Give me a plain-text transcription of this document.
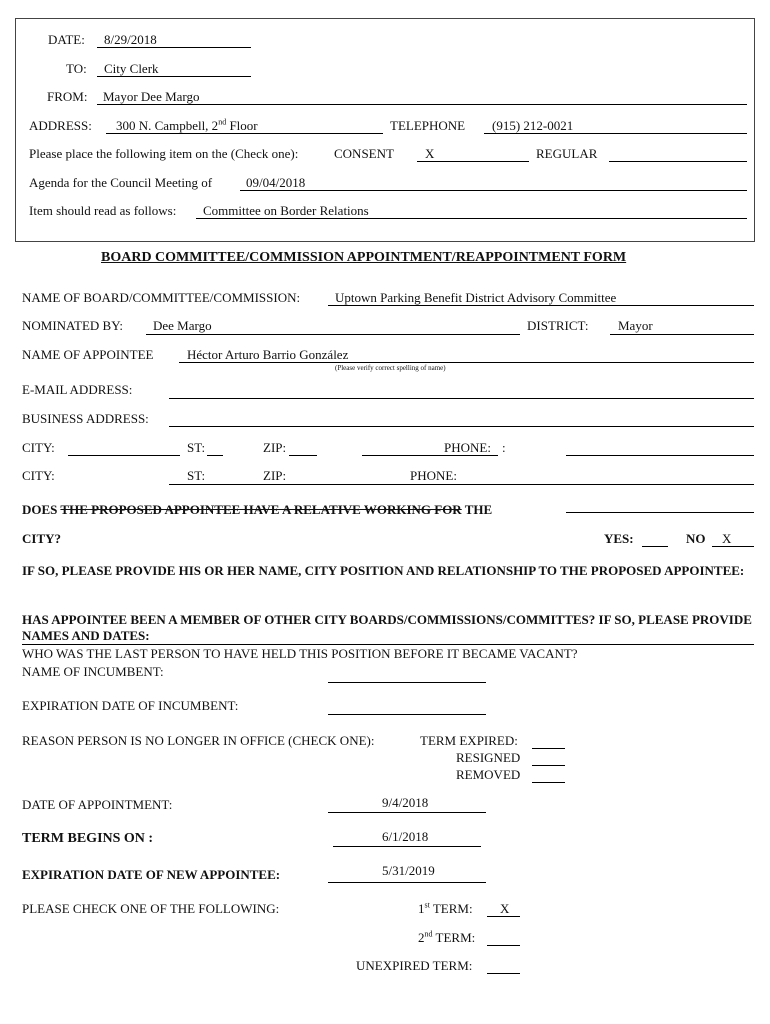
DATE: 8/29/2018
TO: City Clerk
FROM: Mayor Dee Margo
ADDRESS: 300 N. Campbell, 2nd Floor	TELEPHONE (915) 212-0021
Please place the following item on the (Check one):	CONSENT X	REGULAR
Agenda for the Council Meeting of	09/04/2018
Item should read as follows: Committee on Border Relations
BOARD COMMITTEE/COMMISSION APPOINTMENT/REAPPOINTMENT FORM
NAME OF BOARD/COMMITTEE/COMMISSION:	Uptown Parking Benefit District Advisory Committee
NOMINATED BY: Dee Margo	DISTRICT: Mayor
NAME OF APPOINTEE	Héctor Arturo Barrio González
(Please verify correct spelling of name)
E-MAIL ADDRESS:
BUSINESS ADDRESS:
CITY:	ST:	ZIP:	PHONE: :
CITY:	ST:	ZIP:	PHONE:
DOES THE PROPOSED APPOINTEE HAVE A RELATIVE WORKING FOR THE
CITY?	YES:	NO X
IF SO, PLEASE PROVIDE HIS OR HER NAME, CITY POSITION AND RELATIONSHIP TO THE PROPOSED APPOINTEE:
HAS APPOINTEE BEEN A MEMBER OF OTHER CITY BOARDS/COMMISSIONS/COMMITTES? IF SO, PLEASE PROVIDE NAMES AND DATES:
WHO WAS THE LAST PERSON TO HAVE HELD THIS POSITION BEFORE IT BECAME VACANT?
NAME OF INCUMBENT:
EXPIRATION DATE OF INCUMBENT:
REASON PERSON IS NO LONGER IN OFFICE (CHECK ONE):	TERM EXPIRED:
RESIGNED
REMOVED
DATE OF APPOINTMENT:	9/4/2018
TERM BEGINS ON :	6/1/2018
EXPIRATION DATE OF NEW APPOINTEE:	5/31/2019
PLEASE CHECK ONE OF THE FOLLOWING:	1st TERM: X
2nd TERM:
UNEXPIRED TERM:
